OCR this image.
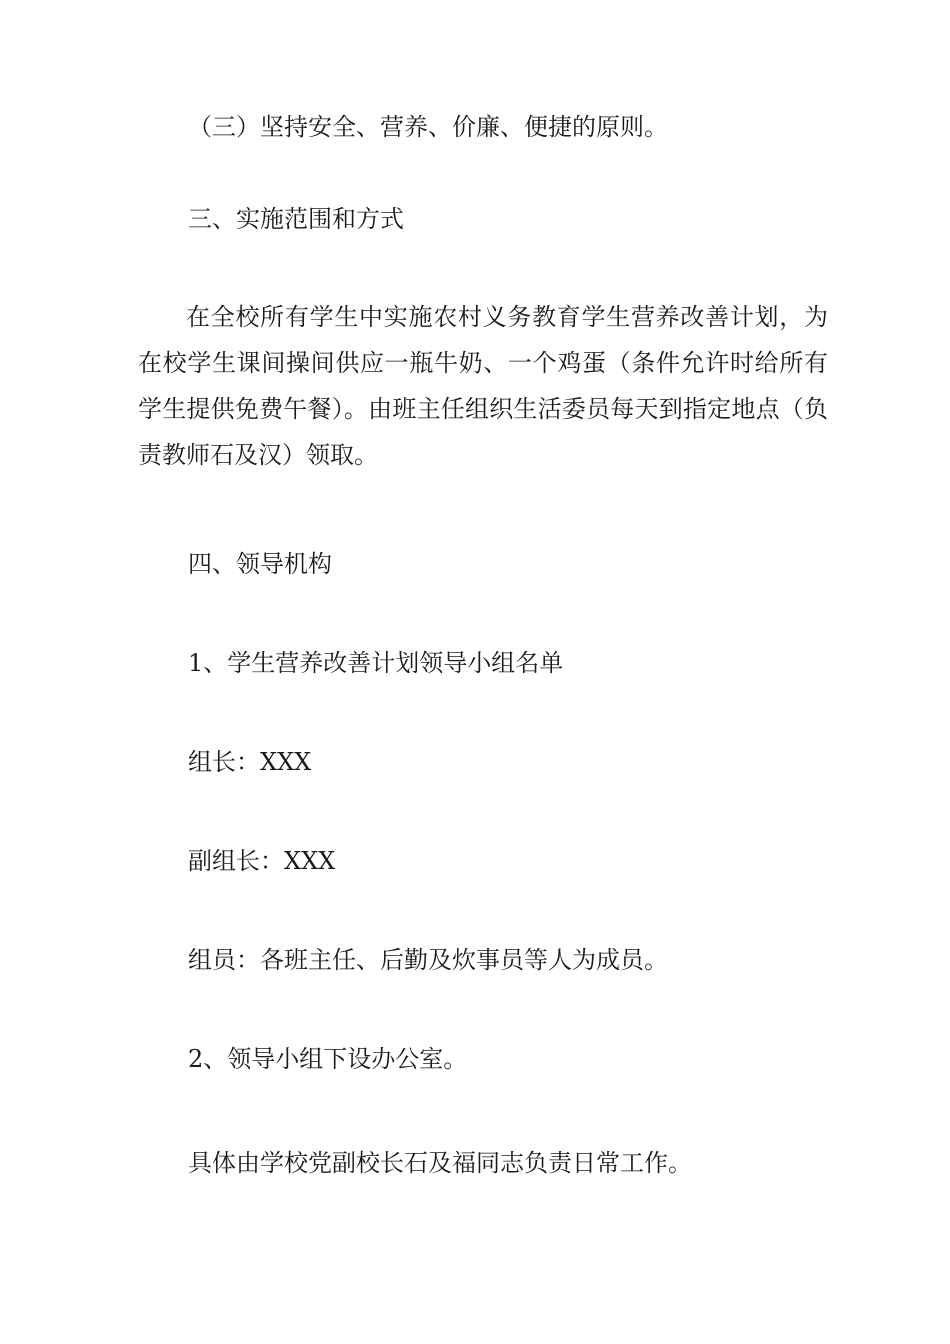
（三）坚持安全、营养、价廉、便捷的原则。
三、实施范围和方式
在全校所有学生中实施农村义务教育学生营养改善计划，为在校学生课间操间供应一瓶牛奶、一个鸡蛋（条件允许时给所有学生提供免费午餐）。由班主任组织生活委员每天到指定地点（负责教师石及汉）领取。
四、领导机构
1、学生营养改善计划领导小组名单
组长：XXX
副组长：XXX
组员：各班主任、后勤及炊事员等人为成员。
2、领导小组下设办公室。
具体由学校党副校长石及福同志负责日常工作。
